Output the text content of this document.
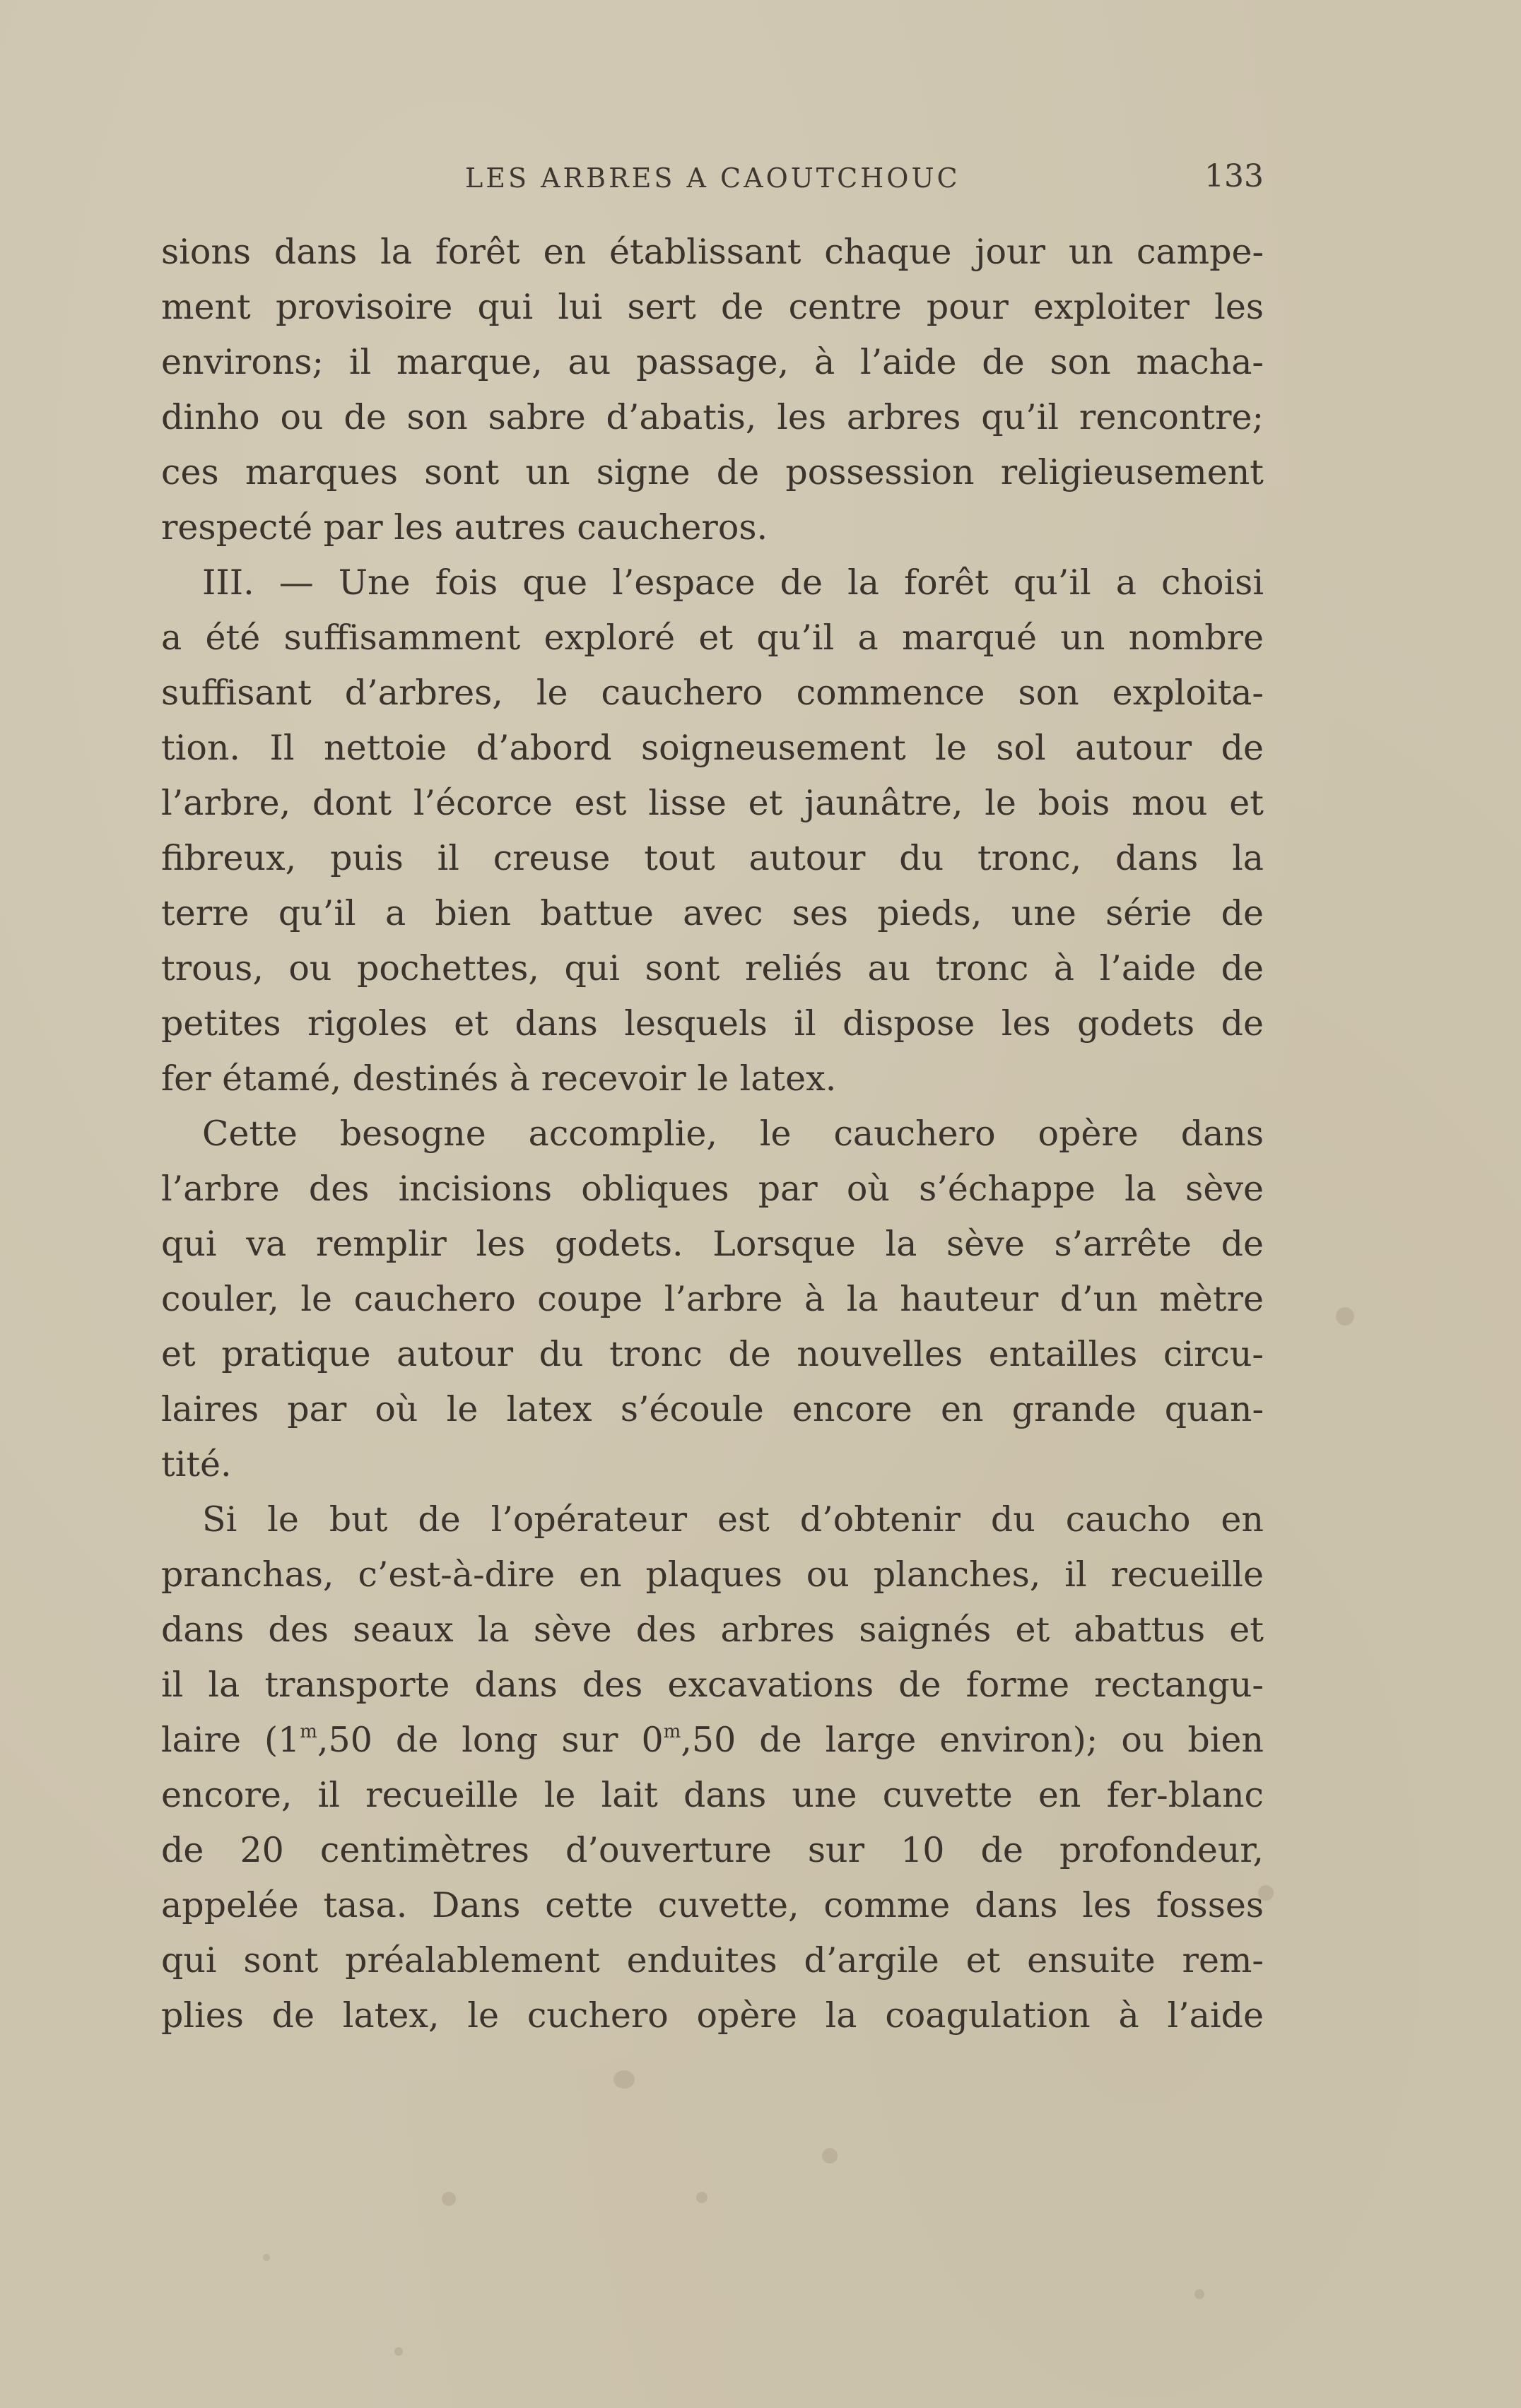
LES ARBRES A CAOUTCHOUC	133
sions dans la forêt en établissant chaque jour un campe-
ment provisoire qui lui sert de centre pour exploiter les
environs; il marque, au passage, à l’aide de son macha-
dinho ou de son sabre d’abatis, les arbres qu’il rencontre;
ces marques sont un signe de possession religieusement
respecté par les autres caucheros.
III. — Une fois que l’espace de la forêt qu’il a choisi
a été suffisamment exploré et qu’il a marqué un nombre
suffisant d’arbres, le cauchero commence son exploita-
tion. Il nettoie d’abord soigneusement le sol autour de
l’arbre, dont l’écorce est lisse et jaunâtre, le bois mou et
fibreux, puis il creuse tout autour du tronc, dans la
terre qu’il a bien battue avec ses pieds, une série de
trous, ou pochettes, qui sont reliés au tronc à l’aide de
petites rigoles et dans lesquels il dispose les godets de
fer étamé, destinés à recevoir le latex.
Cette besogne accomplie, le cauchero opère dans
l’arbre des incisions obliques par où s’échappe la sève
qui va remplir les godets. Lorsque la sève s’arrête de
couler, le cauchero coupe l’arbre à la hauteur d’un mètre
et pratique autour du tronc de nouvelles entailles circu-
laires par où le latex s’écoule encore en grande quan-
tité.
Si le but de l’opérateur est d’obtenir du caucho en
pranchas, c’est-à-dire en plaques ou planches, il recueille
dans des seaux la sève des arbres saignés et abattus et
il la transporte dans des excavations de forme rectangu-
laire (1$^m$,50 de long sur 0$^m$,50 de large environ); ou bien
encore, il recueille le lait dans une cuvette en fer-blanc
de 20 centimètres d’ouverture sur 10 de profondeur,
appelée tasa. Dans cette cuvette, comme dans les fosses
qui sont préalablement enduites d’argile et ensuite rem-
plies de latex, le cuchero opère la coagulation à l’aide
